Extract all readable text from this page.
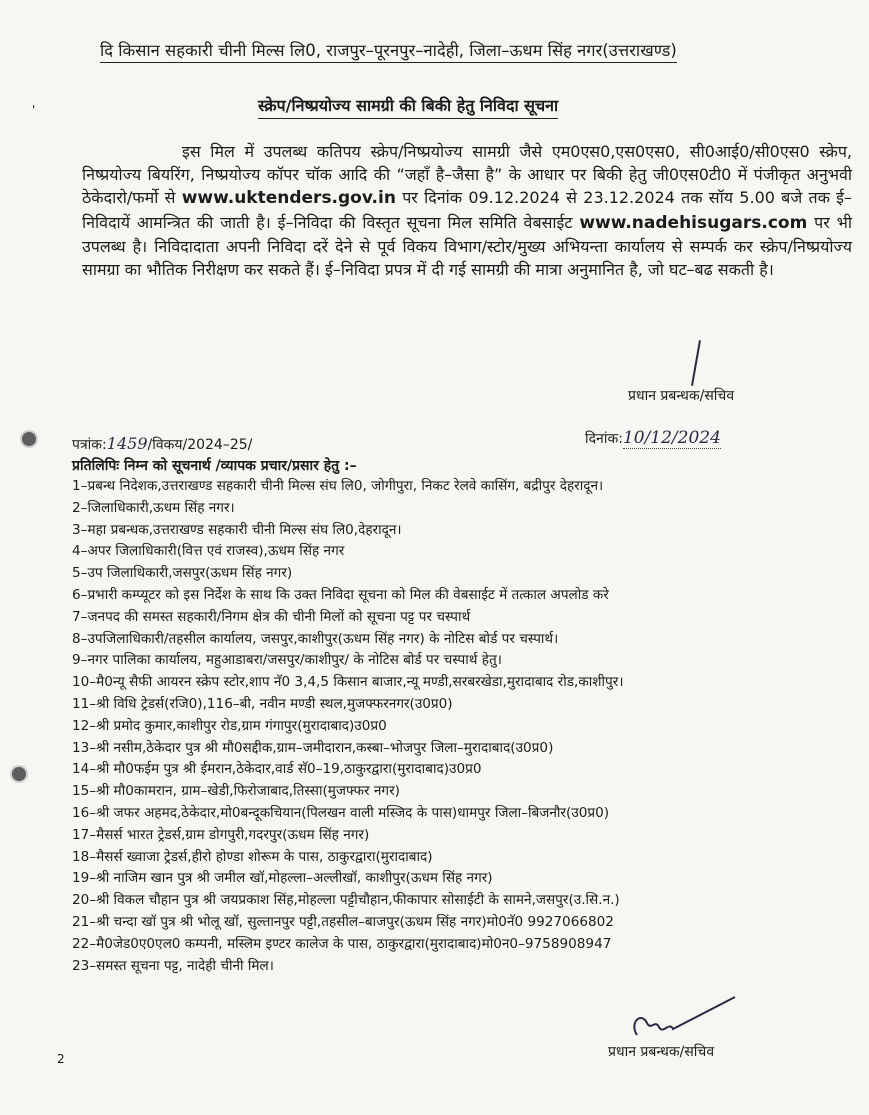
'
दि किसान सहकारी चीनी मिल्स लि0, राजपुर–पूरनपुर–नादेही, जिला–ऊधम सिंह नगर(उत्तराखण्ड)
स्क्रेप/निष्प्रयोज्य सामग्री की बिकी हेतु निविदा सूचना
इस मिल में उपलब्ध कतिपय स्क्रेप/निष्प्रयोज्य सामग्री जैसे एम0एस0,एस0एस0, सी0आई0/सी0एस0 स्क्रेप, निष्प्रयोज्य बियरिंग, निष्प्रयोज्य कॉपर चॉक आदि की “जहाँ है–जैसा है” के आधार पर बिकी हेतु जी0एस0टी0 में पंजीकृत अनुभवी ठेकेदारो/फर्मो से www.uktenders.gov.in पर दिनांक 09.12.2024 से 23.12.2024 तक सॉय 5.00 बजे तक ई–निविदायें आमन्त्रित की जाती है। ई–निविदा की विस्तृत सूचना मिल समिति वेबसाईट www.nadehisugars.com पर भी उपलब्ध है। निविदादाता अपनी निविदा दरें देने से पूर्व विकय विभाग/स्टोर/मुख्य अभियन्ता कार्यालय से सम्पर्क कर स्क्रेप/निष्प्रयोज्य सामग्रा का भौतिक निरीक्षण कर सकते हैं। ई–निविदा प्रपत्र में दी गई सामग्री की मात्रा अनुमानित है, जो घट–बढ सकती है।
प्रधान प्रबन्धक/सचिव
पत्रांक:1459/विकय/2024–25/	दिनांक:10/12/2024
प्रतिलिपिः निम्न को सूचनार्थ /व्यापक प्रचार/प्रसार हेतु :–
1–प्रबन्ध निदेशक,उत्तराखण्ड सहकारी चीनी मिल्स संघ लि0, जोगीपुरा, निकट रेलवे कासिंग, बद्रीपुर देहरादून।
2–जिलाधिकारी,ऊधम सिंह नगर।
3–महा प्रबन्धक,उत्तराखण्ड सहकारी चीनी मिल्स संघ लि0,देहरादून।
4–अपर जिलाधिकारी(वित्त एवं राजस्व),ऊधम सिंह नगर
5–उप जिलाधिकारी,जसपुर(ऊधम सिंह नगर)
6–प्रभारी कम्प्यूटर को इस निर्देश के साथ कि उक्त निविदा सूचना को मिल की वेबसाईट में तत्काल अपलोड करे
7–जनपद की समस्त सहकारी/निगम क्षेत्र की चीनी मिलों को सूचना पट्ट पर चस्पार्थ
8–उपजिलाधिकारी/तहसील कार्यालय, जसपुर,काशीपुर(ऊधम सिंह नगर) के नोटिस बोर्ड पर चस्पार्थ।
9–नगर पालिका कार्यालय, महुआडाबरा/जसपुर/काशीपुर/ के नोटिस बोर्ड पर चस्पार्थ हेतु।
10–मै0न्यू सैफी आयरन स्क्रेप स्टोर,शाप नॅ0 3,4,5 किसान बाजार,न्यू मण्डी,सरबरखेडा,मुरादाबाद रोड,काशीपुर।
11–श्री विधि ट्रेडर्स(रजि0),116–बी, नवीन मण्डी स्थल,मुजफ्फरनगर(उ0प्र0)
12–श्री प्रमोद कुमार,काशीपुर रोड,ग्राम गंगापुर(मुरादाबाद)उ0प्र0
13–श्री नसीम,ठेकेदार पुत्र श्री मौ0सद्दीक,ग्राम–जमीदारान,कस्बा–भोजपुर जिला–मुरादाबाद(उ0प्र0)
14–श्री मौ0फईम पुत्र श्री ईमरान,ठेकेदार,वार्ड सॅ0–19,ठाकुरद्वारा(मुरादाबाद)उ0प्र0
15–श्री मौ0कामरान, ग्राम–खेडी,फिरोजाबाद,तिस्सा(मुजफ्फर नगर)
16–श्री जफर अहमद,ठेकेदार,मो0बन्दूकचियान(पिलखन वाली मस्जिद के पास)धामपुर जिला–बिजनौर(उ0प्र0)
17–मैसर्स भारत ट्रेडर्स,ग्राम डोगपुरी,गदरपुर(ऊधम सिंह नगर)
18–मैसर्स ख्वाजा ट्रेडर्स,हीरो होण्डा शोरूम के पास, ठाकुरद्वारा(मुरादाबाद)
19–श्री नाजिम खान पुत्र श्री जमील खॉ,मोहल्ला–अल्लीखॉ, काशीपुर(ऊधम सिंह नगर)
20–श्री विकल चौहान पुत्र श्री जयप्रकाश सिंह,मोहल्ला पट्टीचौहान,फीकापार सोसाईटी के सामने,जसपुर(उ.सि.न.)
21–श्री चन्दा खॉ पुत्र श्री भोलू खॉ, सुल्तानपुर पट्टी,तहसील–बाजपुर(ऊधम सिंह नगर)मो0नॅ0 9927066802
22–मै0जेड0ए0एल0 कम्पनी, मस्लिम इण्टर कालेज के पास, ठाकुरद्वारा(मुरादाबाद)मो0न0–9758908947
23–समस्त सूचना पट्ट, नादेही चीनी मिल।
प्रधान प्रबन्धक/सचिव
2
